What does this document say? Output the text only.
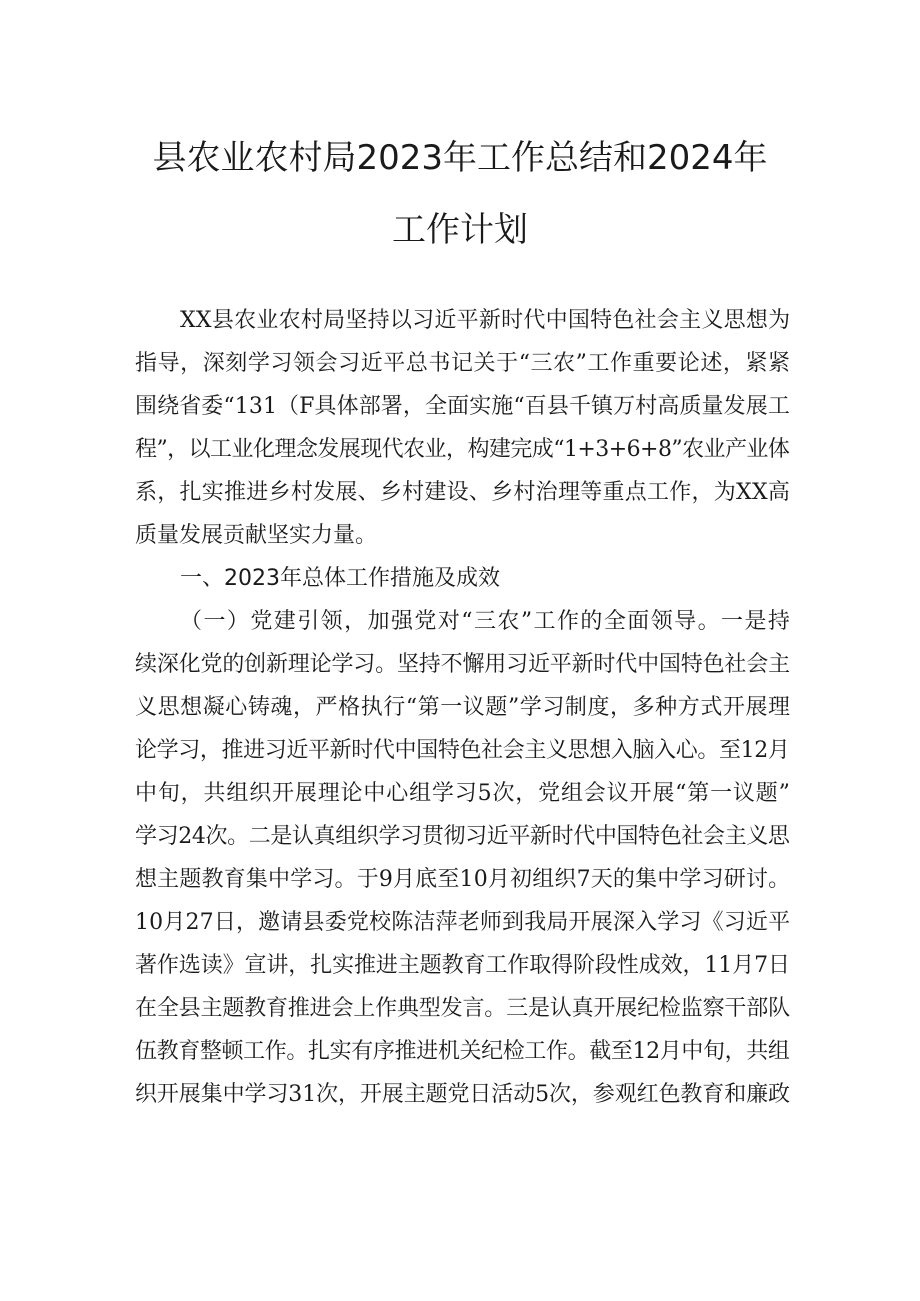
县农业农村局2023年工作总结和2024年
工作计划

XX县农业农村局坚持以习近平新时代中国特色社会主义思想为

指导，深刻学习领会习近平总书记关于“三农”工作重要论述，紧紧

围绕省委“131（F具体部署，全面实施“百县千镇万村高质量发展工

程”，以工业化理念发展现代农业，构建完成“1+3+6+8”农业产业体

系，扎实推进乡村发展、乡村建设、乡村治理等重点工作，为XX高

质量发展贡献坚实力量。

一、2023年总体工作措施及成效

（一）党建引领，加强党对“三农”工作的全面领导。一是持

续深化党的创新理论学习。坚持不懈用习近平新时代中国特色社会主

义思想凝心铸魂，严格执行“第一议题”学习制度，多种方式开展理

论学习，推进习近平新时代中国特色社会主义思想入脑入心。至12月

中旬，共组织开展理论中心组学习5次，党组会议开展“第一议题”

学习24次。二是认真组织学习贯彻习近平新时代中国特色社会主义思

想主题教育集中学习。于9月底至10月初组织7天的集中学习研讨。

10月27日，邀请县委党校陈洁萍老师到我局开展深入学习《习近平

著作选读》宣讲，扎实推进主题教育工作取得阶段性成效，11月7日

在全县主题教育推进会上作典型发言。三是认真开展纪检监察干部队

伍教育整顿工作。扎实有序推进机关纪检工作。截至12月中旬，共组

织开展集中学习31次，开展主题党日活动5次，参观红色教育和廉政
